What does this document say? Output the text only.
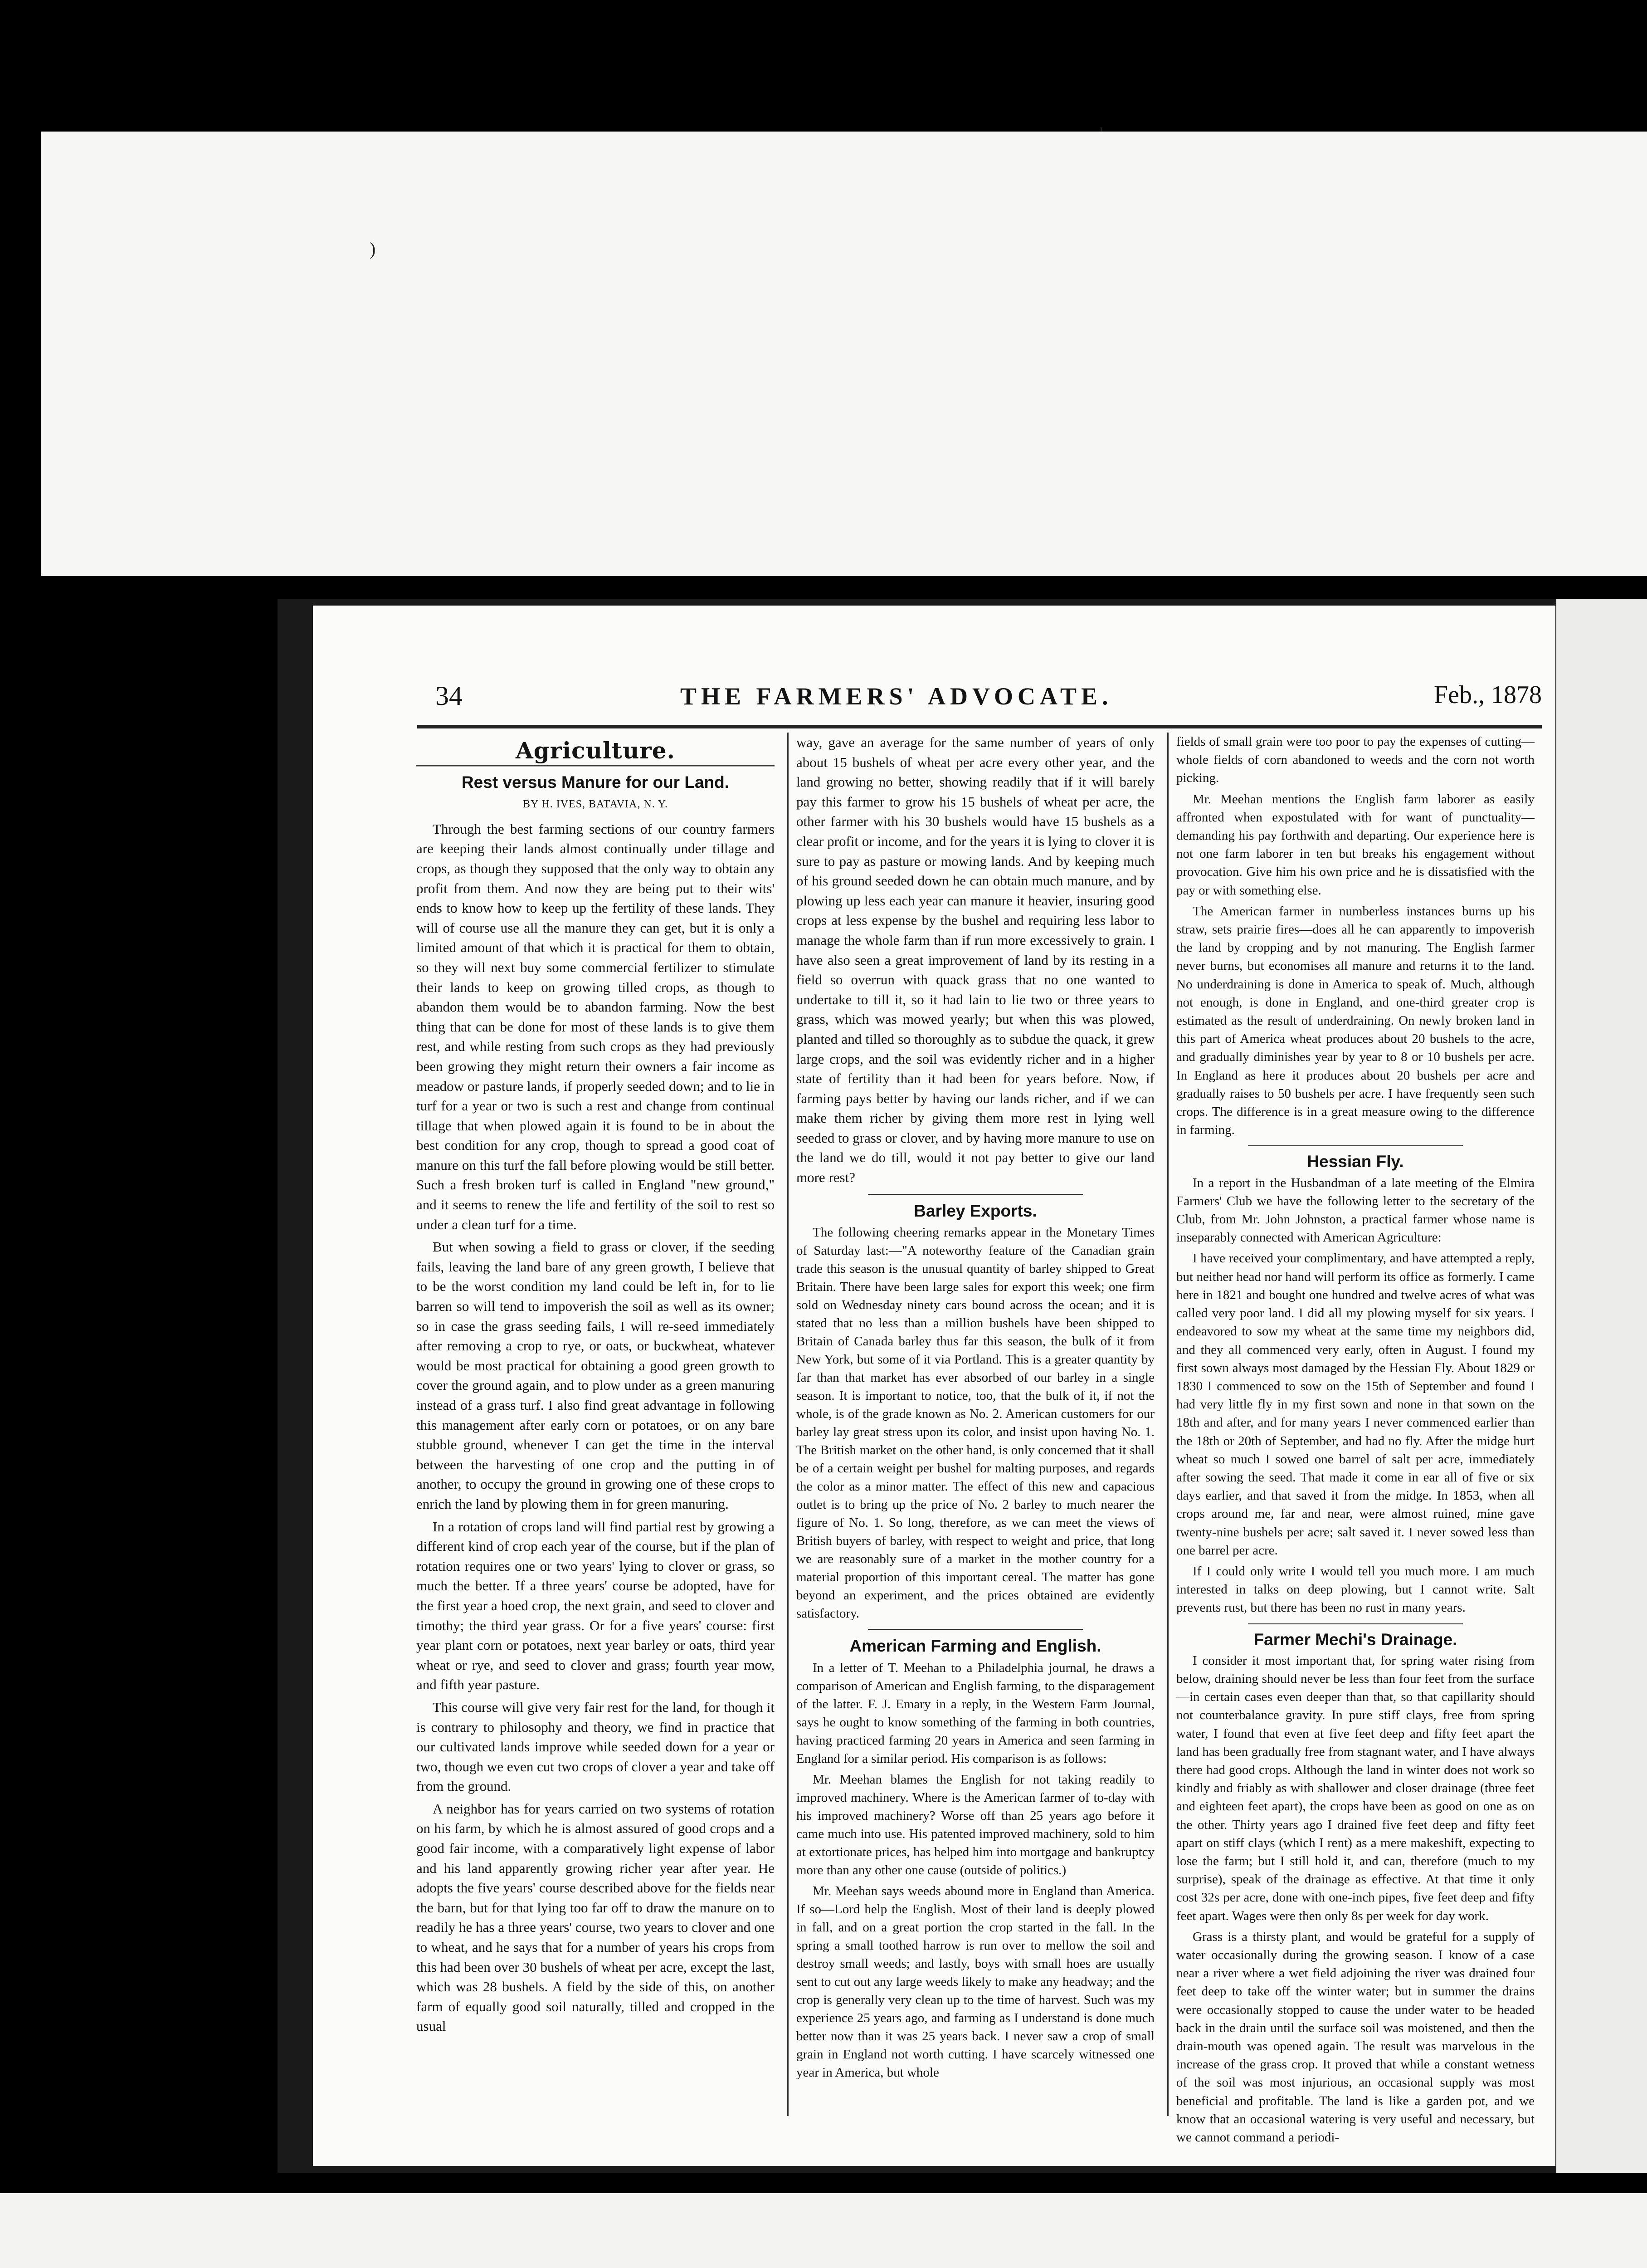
)
'
34	THE FARMERS' ADVOCATE.	Feb., 1878
Agriculture.
Rest versus Manure for our Land.
BY H. IVES, BATAVIA, N. Y.

Through the best farming sections of our country farmers are keeping their lands almost continually under tillage and crops, as though they supposed that the only way to obtain any profit from them. And now they are being put to their wits' ends to know how to keep up the fertility of these lands. They will of course use all the manure they can get, but it is only a limited amount of that which it is practical for them to obtain, so they will next buy some commercial fertilizer to stimulate their lands to keep on growing tilled crops, as though to abandon them would be to abandon farming. Now the best thing that can be done for most of these lands is to give them rest, and while resting from such crops as they had previously been growing they might return their owners a fair income as meadow or pasture lands, if properly seeded down; and to lie in turf for a year or two is such a rest and change from continual tillage that when plowed again it is found to be in about the best condition for any crop, though to spread a good coat of manure on this turf the fall before plowing would be still better. Such a fresh broken turf is called in England "new ground," and it seems to renew the life and fertility of the soil to rest so under a clean turf for a time.

But when sowing a field to grass or clover, if the seeding fails, leaving the land bare of any green growth, I believe that to be the worst condition my land could be left in, for to lie barren so will tend to impoverish the soil as well as its owner; so in case the grass seeding fails, I will re-seed immediately after removing a crop to rye, or oats, or buckwheat, whatever would be most practical for obtaining a good green growth to cover the ground again, and to plow under as a green manuring instead of a grass turf. I also find great advantage in following this management after early corn or potatoes, or on any bare stubble ground, whenever I can get the time in the interval between the harvesting of one crop and the putting in of another, to occupy the ground in growing one of these crops to enrich the land by plowing them in for green manuring.

In a rotation of crops land will find partial rest by growing a different kind of crop each year of the course, but if the plan of rotation requires one or two years' lying to clover or grass, so much the better. If a three years' course be adopted, have for the first year a hoed crop, the next grain, and seed to clover and timothy; the third year grass. Or for a five years' course: first year plant corn or potatoes, next year barley or oats, third year wheat or rye, and seed to clover and grass; fourth year mow, and fifth year pasture.

This course will give very fair rest for the land, for though it is contrary to philosophy and theory, we find in practice that our cultivated lands improve while seeded down for a year or two, though we even cut two crops of clover a year and take off from the ground.

A neighbor has for years carried on two systems of rotation on his farm, by which he is almost assured of good crops and a good fair income, with a comparatively light expense of labor and his land apparently growing richer year after year. He adopts the five years' course described above for the fields near the barn, but for that lying too far off to draw the manure on to readily he has a three years' course, two years to clover and one to wheat, and he says that for a number of years his crops from this had been over 30 bushels of wheat per acre, except the last, which was 28 bushels. A field by the side of this, on another farm of equally good soil naturally, tilled and cropped in the usual

way, gave an average for the same number of years of only about 15 bushels of wheat per acre every other year, and the land growing no better, showing readily that if it will barely pay this farmer to grow his 15 bushels of wheat per acre, the other farmer with his 30 bushels would have 15 bushels as a clear profit or income, and for the years it is lying to clover it is sure to pay as pasture or mowing lands. And by keeping much of his ground seeded down he can obtain much manure, and by plowing up less each year can manure it heavier, insuring good crops at less expense by the bushel and requiring less labor to manage the whole farm than if run more excessively to grain. I have also seen a great improvement of land by its resting in a field so overrun with quack grass that no one wanted to undertake to till it, so it had lain to lie two or three years to grass, which was mowed yearly; but when this was plowed, planted and tilled so thoroughly as to subdue the quack, it grew large crops, and the soil was evidently richer and in a higher state of fertility than it had been for years before. Now, if farming pays better by having our lands richer, and if we can make them richer by giving them more rest in lying well seeded to grass or clover, and by having more manure to use on the land we do till, would it not pay better to give our land more rest?

Barley Exports.

The following cheering remarks appear in the Monetary Times of Saturday last:—"A noteworthy feature of the Canadian grain trade this season is the unusual quantity of barley shipped to Great Britain. There have been large sales for export this week; one firm sold on Wednesday ninety cars bound across the ocean; and it is stated that no less than a million bushels have been shipped to Britain of Canada barley thus far this season, the bulk of it from New York, but some of it via Portland. This is a greater quantity by far than that market has ever absorbed of our barley in a single season. It is important to notice, too, that the bulk of it, if not the whole, is of the grade known as No. 2. American customers for our barley lay great stress upon its color, and insist upon having No. 1. The British market on the other hand, is only concerned that it shall be of a certain weight per bushel for malting purposes, and regards the color as a minor matter. The effect of this new and capacious outlet is to bring up the price of No. 2 barley to much nearer the figure of No. 1. So long, therefore, as we can meet the views of British buyers of barley, with respect to weight and price, that long we are reasonably sure of a market in the mother country for a material proportion of this important cereal. The matter has gone beyond an experiment, and the prices obtained are evidently satisfactory.

American Farming and English.

In a letter of T. Meehan to a Philadelphia journal, he draws a comparison of American and English farming, to the disparagement of the latter. F. J. Emary in a reply, in the Western Farm Journal, says he ought to know something of the farming in both countries, having practiced farming 20 years in America and seen farming in England for a similar period. His comparison is as follows:

Mr. Meehan blames the English for not taking readily to improved machinery. Where is the American farmer of to-day with his improved machinery? Worse off than 25 years ago before it came much into use. His patented improved machinery, sold to him at extortionate prices, has helped him into mortgage and bankruptcy more than any other one cause (outside of politics.)

Mr. Meehan says weeds abound more in England than America. If so—Lord help the English. Most of their land is deeply plowed in fall, and on a great portion the crop started in the fall. In the spring a small toothed harrow is run over to mellow the soil and destroy small weeds; and lastly, boys with small hoes are usually sent to cut out any large weeds likely to make any headway; and the crop is generally very clean up to the time of harvest. Such was my experience 25 years ago, and farming as I understand is done much better now than it was 25 years back. I never saw a crop of small grain in England not worth cutting. I have scarcely witnessed one year in America, but whole

fields of small grain were too poor to pay the expenses of cutting—whole fields of corn abandoned to weeds and the corn not worth picking.

Mr. Meehan mentions the English farm laborer as easily affronted when expostulated with for want of punctuality—demanding his pay forthwith and departing. Our experience here is not one farm laborer in ten but breaks his engagement without provocation. Give him his own price and he is dissatisfied with the pay or with something else.

The American farmer in numberless instances burns up his straw, sets prairie fires—does all he can apparently to impoverish the land by cropping and by not manuring. The English farmer never burns, but economises all manure and returns it to the land. No underdraining is done in America to speak of. Much, although not enough, is done in England, and one-third greater crop is estimated as the result of underdraining. On newly broken land in this part of America wheat produces about 20 bushels to the acre, and gradually diminishes year by year to 8 or 10 bushels per acre. In England as here it produces about 20 bushels per acre and gradually raises to 50 bushels per acre. I have frequently seen such crops. The difference is in a great measure owing to the difference in farming.

Hessian Fly.

In a report in the Husbandman of a late meeting of the Elmira Farmers' Club we have the following letter to the secretary of the Club, from Mr. John Johnston, a practical farmer whose name is inseparably connected with American Agriculture:

I have received your complimentary, and have attempted a reply, but neither head nor hand will perform its office as formerly. I came here in 1821 and bought one hundred and twelve acres of what was called very poor land. I did all my plowing myself for six years. I endeavored to sow my wheat at the same time my neighbors did, and they all commenced very early, often in August. I found my first sown always most damaged by the Hessian Fly. About 1829 or 1830 I commenced to sow on the 15th of September and found I had very little fly in my first sown and none in that sown on the 18th and after, and for many years I never commenced earlier than the 18th or 20th of September, and had no fly. After the midge hurt wheat so much I sowed one barrel of salt per acre, immediately after sowing the seed. That made it come in ear all of five or six days earlier, and that saved it from the midge. In 1853, when all crops around me, far and near, were almost ruined, mine gave twenty-nine bushels per acre; salt saved it. I never sowed less than one barrel per acre.

If I could only write I would tell you much more. I am much interested in talks on deep plowing, but I cannot write. Salt prevents rust, but there has been no rust in many years.

Farmer Mechi's Drainage.

I consider it most important that, for spring water rising from below, draining should never be less than four feet from the surface—in certain cases even deeper than that, so that capillarity should not counterbalance gravity. In pure stiff clays, free from spring water, I found that even at five feet deep and fifty feet apart the land has been gradually free from stagnant water, and I have always there had good crops. Although the land in winter does not work so kindly and friably as with shallower and closer drainage (three feet and eighteen feet apart), the crops have been as good on one as on the other. Thirty years ago I drained five feet deep and fifty feet apart on stiff clays (which I rent) as a mere makeshift, expecting to lose the farm; but I still hold it, and can, therefore (much to my surprise), speak of the drainage as effective. At that time it only cost 32s per acre, done with one-inch pipes, five feet deep and fifty feet apart. Wages were then only 8s per week for day work.

Grass is a thirsty plant, and would be grateful for a supply of water occasionally during the growing season. I know of a case near a river where a wet field adjoining the river was drained four feet deep to take off the winter water; but in summer the drains were occasionally stopped to cause the under water to be headed back in the drain until the surface soil was moistened, and then the drain-mouth was opened again. The result was marvelous in the increase of the grass crop. It proved that while a constant wetness of the soil was most injurious, an occasional supply was most beneficial and profitable. The land is like a garden pot, and we know that an occasional watering is very useful and necessary, but we cannot command a periodi-
